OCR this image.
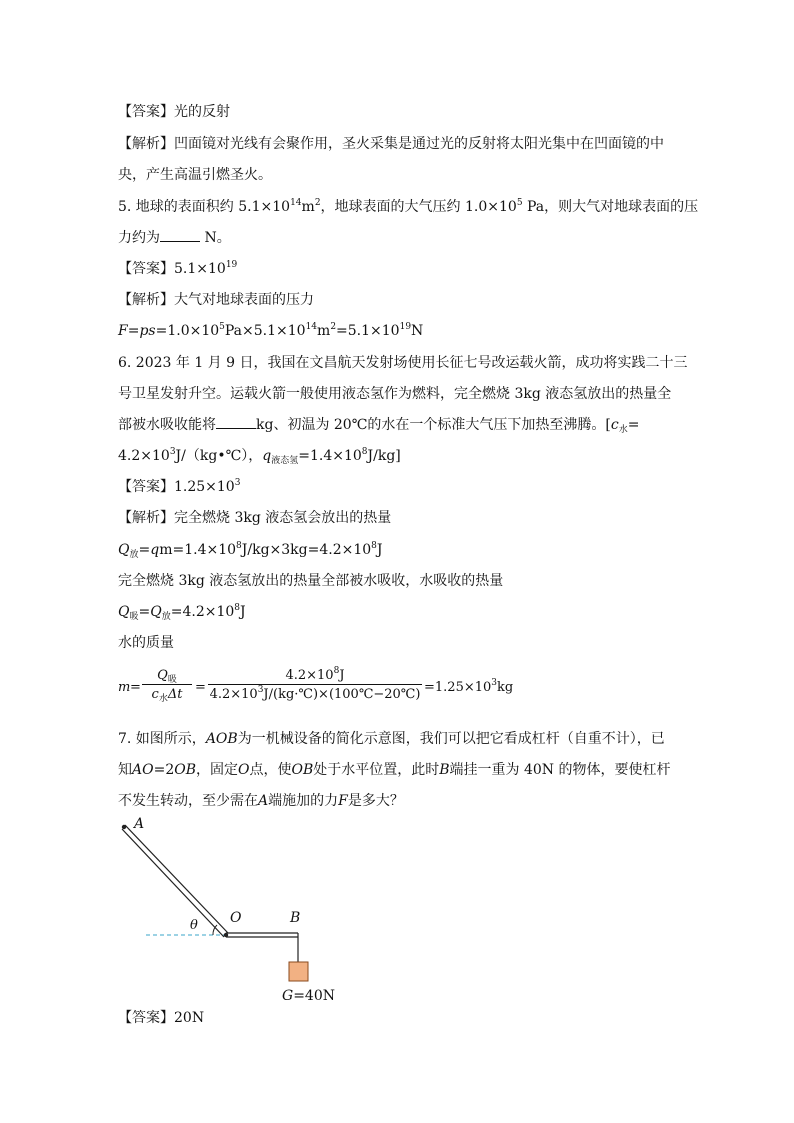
【答案】光的反射
【解析】凹面镜对光线有会聚作用，圣火采集是通过光的反射将太阳光集中在凹面镜的中
央，产生高温引燃圣火。
5. 地球的表面积约 $5.1\times 10^{14}m^2$，地球表面的大气压约 $1.0\times 10^5$ Pa，则大气对地球表面的压
力约为	N。
【答案】$5.1\times 10^{19}$
【解析】大气对地球表面的压力
$F=ps=1.0\times 10^5Pa\times 5.1\times 10^{14}m^2=5.1\times 10^{19}N$
6. 2023 年 1 月 9 日，我国在文昌航天发射场使用长征七号改运载火箭，成功将实践二十三
号卫星发射升空。运载火箭一般使用液态氢作为燃料，完全燃烧 3kg 液态氢放出的热量全
部被水吸收能将	kg、初温为 20℃的水在一个标准大气压下加热至沸腾。[$c_水=$
$4.2\times 10^3J/(kg•℃)$，$q_{液态氢}=1.4\times 10^8J/kg$]
【答案】$1.25\times 10^3$
【解析】完全燃烧 3kg 液态氢会放出的热量
$Q_放=qm=1.4\times 10^8J/kg\times 3kg=4.2\times 10^8J$
完全燃烧 3kg 液态氢放出的热量全部被水吸收，水吸收的热量
$Q_吸=Q_放=4.2\times 10^8J$
水的质量
m =
$Q_吸$
$c_水\Delta t$ =
$4.2\times 10^8J$
$4.2\times 10^3J/(kg\cdot℃)\times(100℃-20℃) =1.25\times 10^3kg$
7. 如图所示，AOB为一机械设备的简化示意图，我们可以把它看成杠杆（自重不计），已
知AO=2OB，固定O点，使OB处于水平位置，此时B端挂一重为 40N 的物体，要使杠杆
不发生转动，至少需在A端施加的力F是多大？
A
θ O	B
G=40N
【答案】20N
